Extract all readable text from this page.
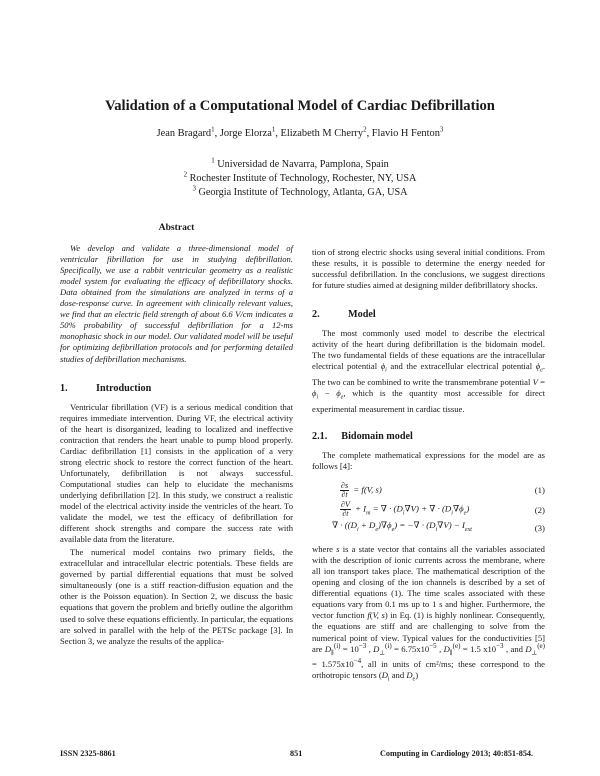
Validation of a Computational Model of Cardiac Defibrillation
Jean Bragard$^1$, Jorge Elorza$^1$, Elizabeth M Cherry$^2$, Flavio H Fenton$^3$
$^1$ Universidad de Navarra, Pamplona, Spain
$^2$ Rochester Institute of Technology, Rochester, NY, USA
$^3$ Georgia Institute of Technology, Atlanta, GA, USA
Abstract

We develop and validate a three-dimensional model of ventricular fibrillation for use in studying defibrillation. Specifically, we use a rabbit ventricular geometry as a realistic model system for evaluating the efficacy of defibrillatory shocks. Data obtained from the simulations are analyzed in terms of a dose-response curve. In agreement with clinically relevant values, we find that an electric field strength of about 6.6 V/cm indicates a 50% probability of successful defibrillation for a 12-ms monophasic shock in our model. Our validated model will be useful for optimizing defibrillation protocols and for performing detailed studies of defibrillation mechanisms.

1.	Introduction

Ventricular fibrillation (VF) is a serious medical condition that requires immediate intervention. During VF, the electrical activity of the heart is disorganized, leading to localized and ineffective contraction that renders the heart unable to pump blood properly. Cardiac defibrillation [1] consists in the application of a very strong electric shock to restore the correct function of the heart. Unfortunately, defibrillation is not always successful. Computational studies can help to elucidate the mechanisms underlying defibrillation [2]. In this study, we construct a realistic model of the electrical activity inside the ventricles of the heart. To validate the model, we test the efficacy of defibrillation for different shock strengths and compare the success rate with available data from the literature.

The numerical model contains two primary fields, the extracellular and intracellular electric potentials. These fields are governed by partial differential equations that must be solved simultaneously (one is a stiff reaction-diffusion equation and the other is the Poisson equation). In Section 2, we discuss the basic equations that govern the problem and briefly outline the algorithm used to solve these equations efficiently. In particular, the equations are solved in parallel with the help of the PETSc package [3]. In Section 3, we analyze the results of the applica-

tion of strong electric shocks using several initial conditions. From these results, it is possible to determine the energy needed for successful defibrillation. In the conclusions, we suggest directions for future studies aimed at designing milder defibrillatory shocks.

2.	Model

The most commonly used model to describe the electrical activity of the heart during defibrillation is the bidomain model. The two fundamental fields of these equations are the intracellular electrical potential $\phi_i$ and the extracellular electrical potential $\phi_e$. The two can be combined to write the transmembrane potential $V = \phi_i - \phi_e$, which is the quantity most accessible for direct experimental measurement in cardiac tissue.

2.1. Bidomain model

The complete mathematical expressions for the model are as follows [4]:

$\frac{\partial s}{\partial t} = f(V$, s)	(1)
$\frac{\partial V}{\partial t} + I_m$ = ∇ · $(D_i\nabla V)$ + ∇ · $(D_i\nabla\phi_e)$	(2)
∇ · $((D_i + D_e)\nabla\phi_e)$ = −∇ · $(D_i\nabla V) - I_{ext}$	(3)

where s is a state vector that contains all the variables associated with the description of ionic currents across the membrane, where all ion transport takes place. The mathematical description of the opening and closing of the ion channels is described by a set of differential equations (1). The time scales associated with these equations vary from 0.1 ms up to 1 s and higher. Furthermore, the vector function f(V, s) in Eq. (1) is highly nonlinear. Consequently, the equations are stiff and are challenging to solve from the numerical point of view. Typical values for the conductivities [5] are $D_\parallel^{(i)} = 10^{-3}$ , $D_\perp^{(i)} = 6.75x10^{-5}$ , $D_\parallel^{(e)} = 1.5$ $x10^{-3}$ , and $D_\perp^{(e)} = 1.575x10^{-4}$, all in units of cm²/ms; these correspond to the orthotropic tensors ($D_i$ and $D_e$)

ISSN 2325-8861	851	Computing in Cardiology 2013; 40:851-854.
